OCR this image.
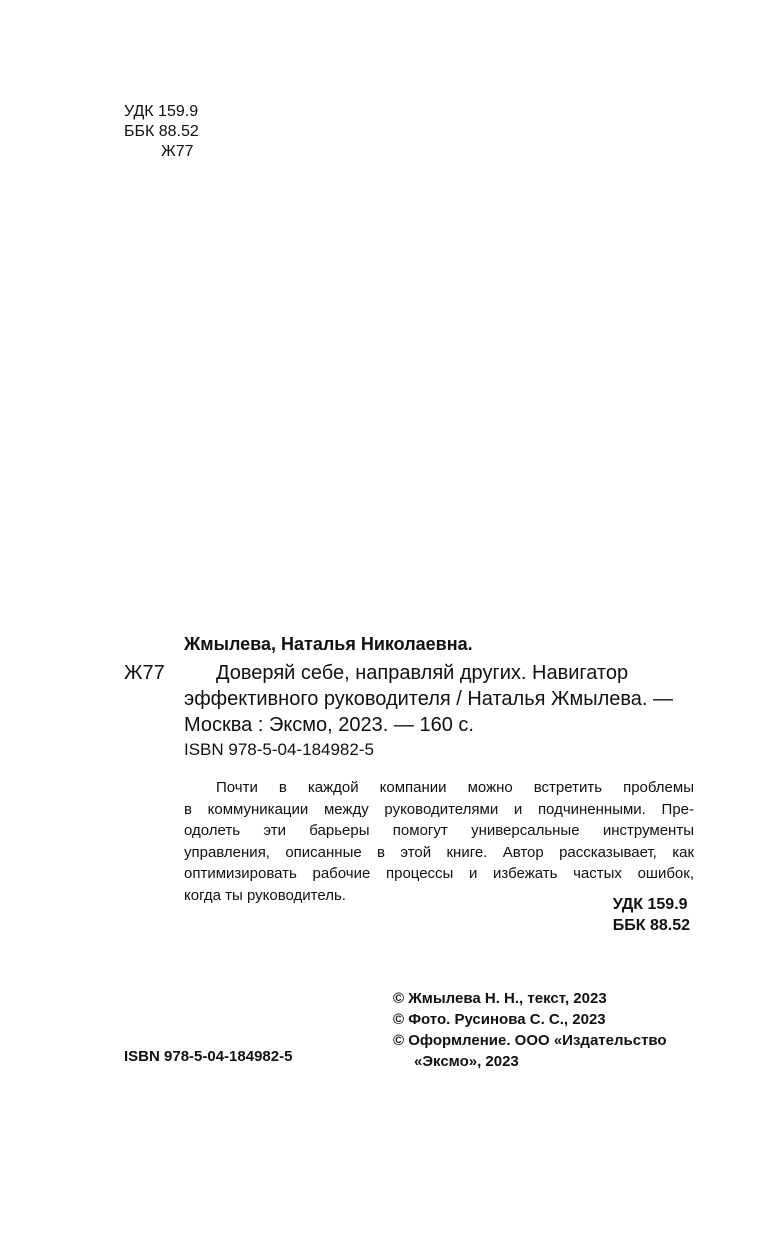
УДК 159.9
ББК 88.52
Ж77
Жмылева, Наталья Николаевна.
Ж77	Доверяй себе, направляй других. Навигатор
эффективного руководителя / Наталья Жмылева. —
Москва : Эксмо, 2023. — 160 с.
ISBN 978-5-04-184982-5
Почти в каждой компании можно встретить проблемы
в коммуникации между руководителями и подчиненными. Пре-
одолеть эти барьеры помогут универсальные инструменты
управления, описанные в этой книге. Автор рассказывает, как
оптимизировать рабочие процессы и избежать частых ошибок,
когда ты руководитель.
УДК 159.9
ББК 88.52
© Жмылева Н. Н., текст, 2023
© Фото. Русинова С. С., 2023
© Оформление. ООО «Издательство
«Эксмо», 2023
ISBN 978-5-04-184982-5
